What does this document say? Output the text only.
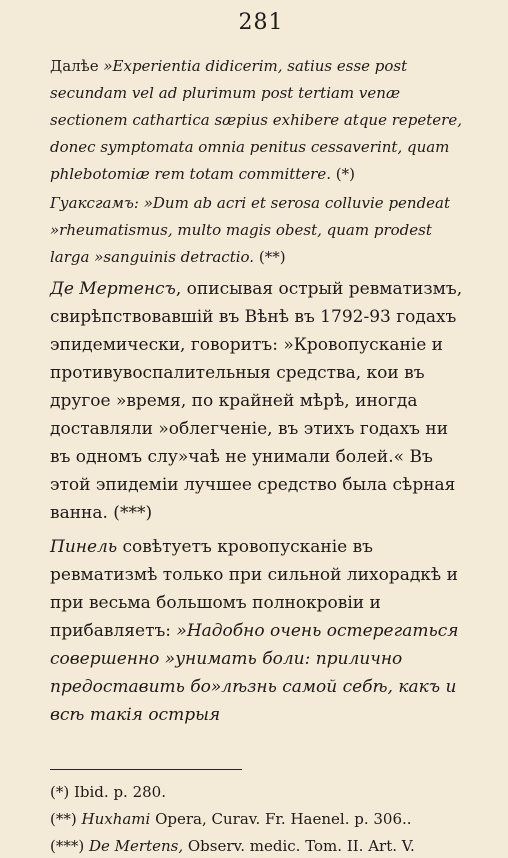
281

Далѣе »Experientia didicerim, satius esse post secundam vel ad plurimum post tertiam venæ sectionem cathartica sæpius exhibere atque repetere, donec symptomata omnia penitus cessaverint, quam phlebotomiæ rem totam committere. (*)

Гуаксгамъ: »Dum ab acri et serosa colluvie pendeat »rheumatismus, multo magis obest, quam prodest larga »sanguinis detractio. (**)

Де Мертенсъ, описывая острый ревматизмъ, свирѣпствовавшій въ Вѣнѣ въ 1792-93 годахъ эпидемически, говоритъ: »Кровопусканіе и противувоспалительныя средства, кои въ другое »время, по крайней мѣрѣ, иногда доставляли »облегченіе, въ этихъ годахъ ни въ одномъ слу»чаѣ не унимали болей.« Въ этой эпидеміи лучшее средство была сѣрная ванна. (***)

Пинель совѣтуетъ кровопусканіе въ ревматизмѣ только при сильной лихорадкѣ и при весьма большомъ полнокровіи и прибавляетъ: »Надобно очень остерегаться совершенно »унимать боли: прилично предоставить бо»лѣзнь самой себѣ, какъ и всѣ такія острыя

(*) Ibid. p. 280.

(**) Huxhami Opera, Curav. Fr. Haenel. p. 306..

(***) De Mertens, Observ. medic. Tom. II. Art. V.
